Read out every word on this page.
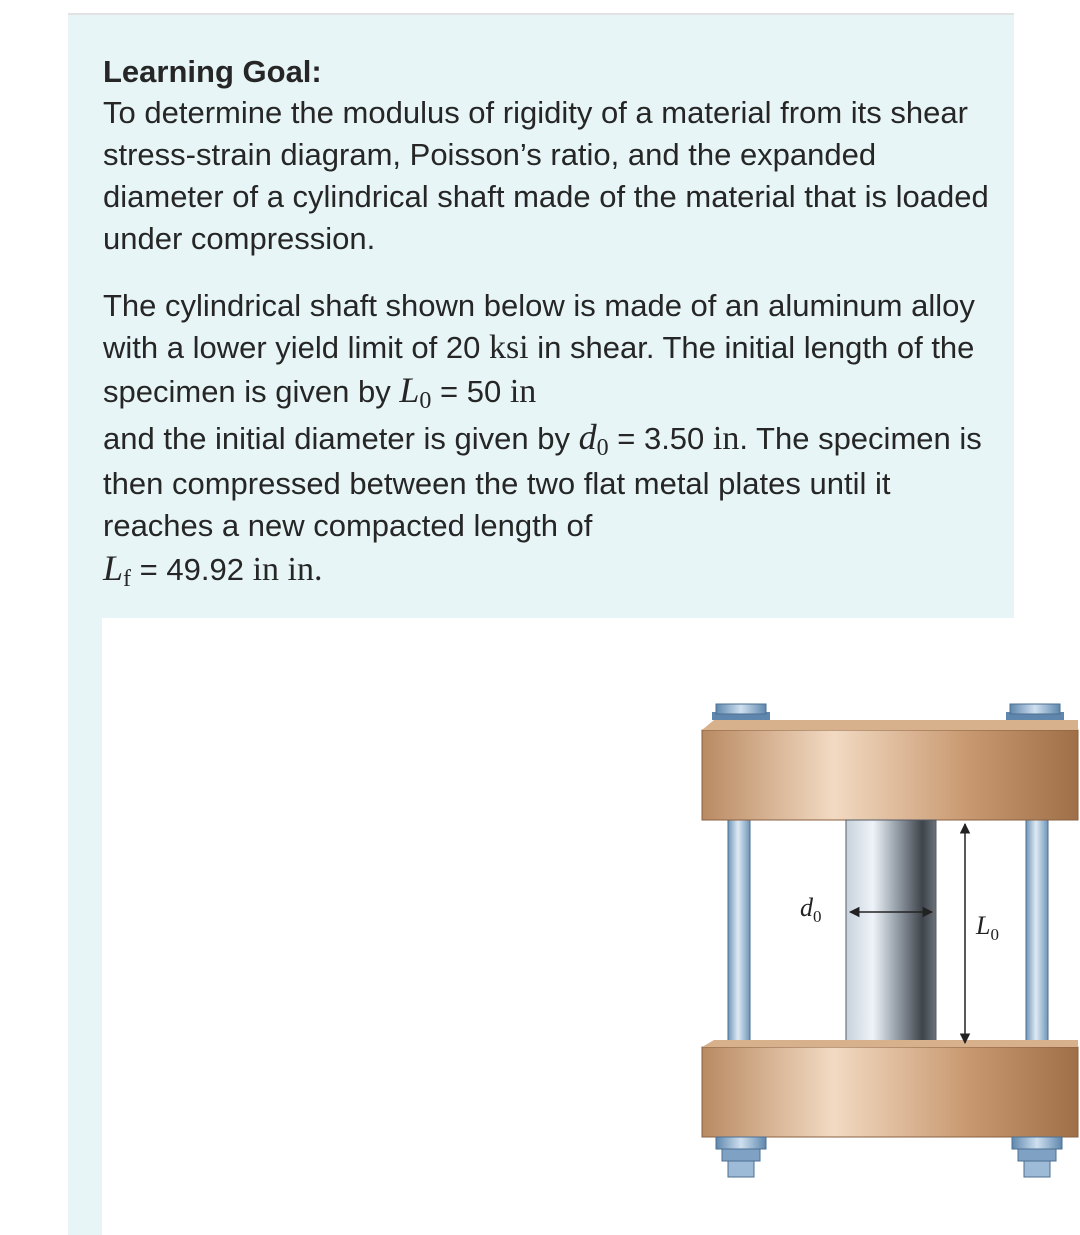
Learning Goal:
To determine the modulus of rigidity of a material from its shear stress-strain diagram, Poisson’s ratio, and the expanded diameter of a cylindrical shaft made of the material that is loaded under compression.
The cylindrical shaft shown below is made of an aluminum alloy with a lower yield limit of 20 ksi in shear. The initial length of the specimen is given by L0 = 50 in
and the initial diameter is given by d0 = 3.50 in. The specimen is then compressed between the two flat metal plates until it reaches a new compacted length of
Lf = 49.92 in in.
$d_0$	$L_0$
